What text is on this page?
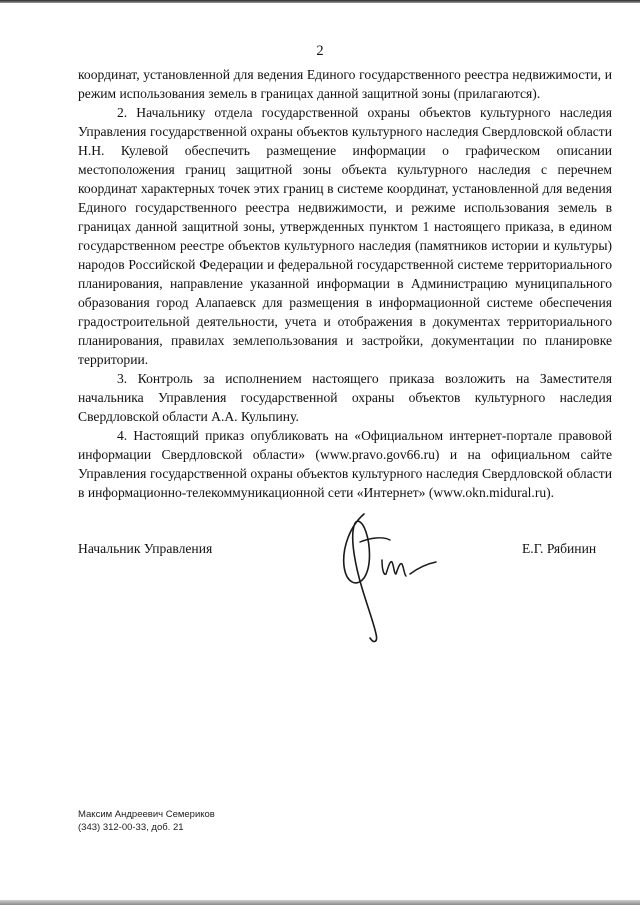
2

координат, установленной для ведения Единого государственного реестра недвижимости, и режим использования земель в границах данной защитной зоны (прилагаются).

2. Начальнику отдела государственной охраны объектов культурного наследия Управления государственной охраны объектов культурного наследия Свердловской области Н.Н. Кулевой обеспечить размещение информации о графическом описании местоположения границ защитной зоны объекта культурного наследия с перечнем координат характерных точек этих границ в системе координат, установленной для ведения Единого государственного реестра недвижимости, и режиме использования земель в границах данной защитной зоны, утвержденных пунктом 1 настоящего приказа, в едином государственном реестре объектов культурного наследия (памятников истории и культуры) народов Российской Федерации и федеральной государственной системе территориального планирования, направление указанной информации в Администрацию муниципального образования город Алапаевск для размещения в информационной системе обеспечения градостроительной деятельности, учета и отображения в документах территориального планирования, правилах землепользования и застройки, документации по планировке территории.

3. Контроль за исполнением настоящего приказа возложить на Заместителя начальника Управления государственной охраны объектов культурного наследия Свердловской области А.А. Кульпину.

4. Настоящий приказ опубликовать на «Официальном интернет-портале правовой информации Свердловской области» (www.pravo.gov66.ru) и на официальном сайте Управления государственной охраны объектов культурного наследия Свердловской области в информационно-телекоммуникационной сети «Интернет» (www.okn.midural.ru).

Начальник Управления	Е.Г. Рябинин
Максим Андреевич Семериков
(343) 312-00-33, доб. 21
